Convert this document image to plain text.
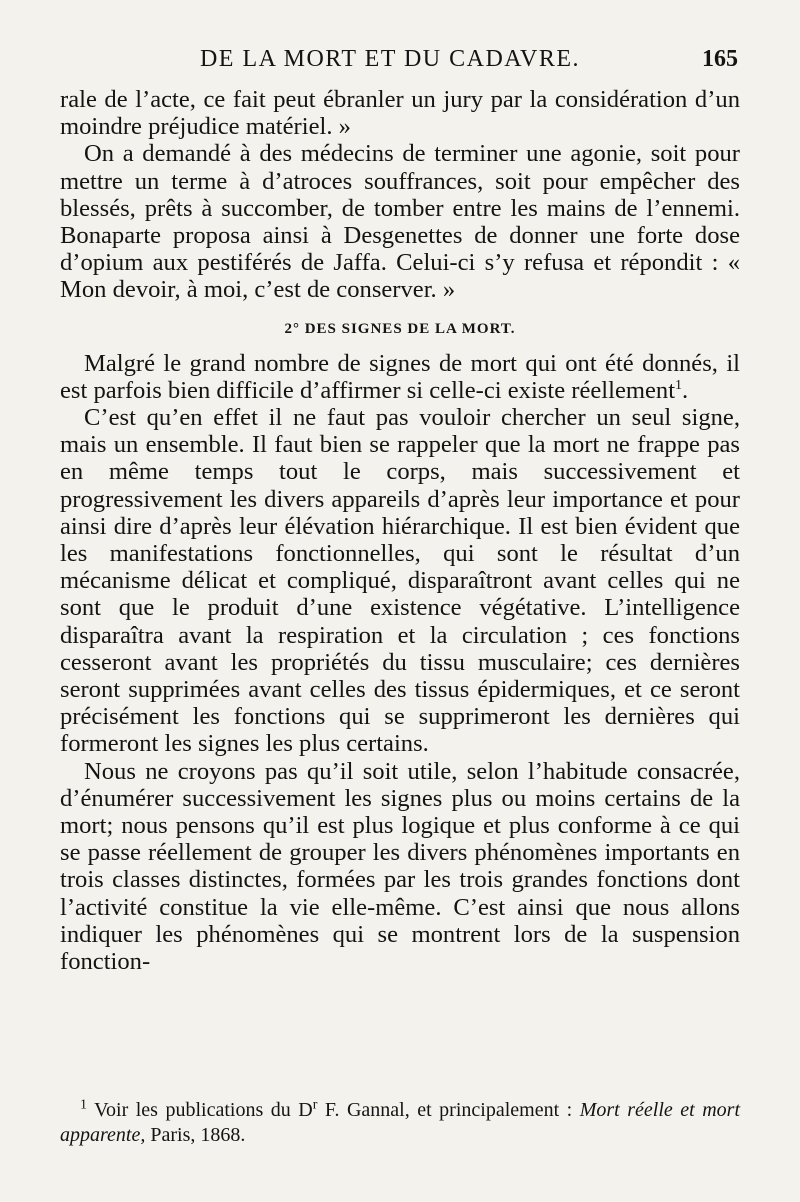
DE LA MORT ET DU CADAVRE.	165

rale de l’acte, ce fait peut ébranler un jury par la considération d’un moindre préjudice matériel. »

On a demandé à des médecins de terminer une agonie, soit pour mettre un terme à d’atroces souffrances, soit pour empêcher des blessés, prêts à succomber, de tomber entre les mains de l’ennemi. Bonaparte proposa ainsi à Desgenettes de donner une forte dose d’opium aux pestiférés de Jaffa. Celui-ci s’y refusa et répondit : « Mon devoir, à moi, c’est de conserver. »

2° DES SIGNES DE LA MORT.

Malgré le grand nombre de signes de mort qui ont été donnés, il est parfois bien difficile d’affirmer si celle-ci existe réellement$^1$.

C’est qu’en effet il ne faut pas vouloir chercher un seul signe, mais un ensemble. Il faut bien se rappeler que la mort ne frappe pas en même temps tout le corps, mais successivement et progressivement les divers appareils d’après leur importance et pour ainsi dire d’après leur élévation hiérarchique. Il est bien évident que les manifestations fonctionnelles, qui sont le résultat d’un mécanisme délicat et compliqué, disparaîtront avant celles qui ne sont que le produit d’une existence végétative. L’intelligence disparaîtra avant la respiration et la circulation ; ces fonctions cesseront avant les propriétés du tissu musculaire; ces dernières seront supprimées avant celles des tissus épidermiques, et ce seront précisément les fonctions qui se supprimeront les dernières qui formeront les signes les plus certains.

Nous ne croyons pas qu’il soit utile, selon l’habitude consacrée, d’énumérer successivement les signes plus ou moins certains de la mort; nous pensons qu’il est plus logique et plus conforme à ce qui se passe réellement de grouper les divers phénomènes importants en trois classes distinctes, formées par les trois grandes fonctions dont l’activité constitue la vie elle-même. C’est ainsi que nous allons indiquer les phénomènes qui se montrent lors de la suspension fonction-

$^1$ Voir les publications du $D^r$ F. Gannal, et principalement : Mort réelle et mort apparente, Paris, 1868.
